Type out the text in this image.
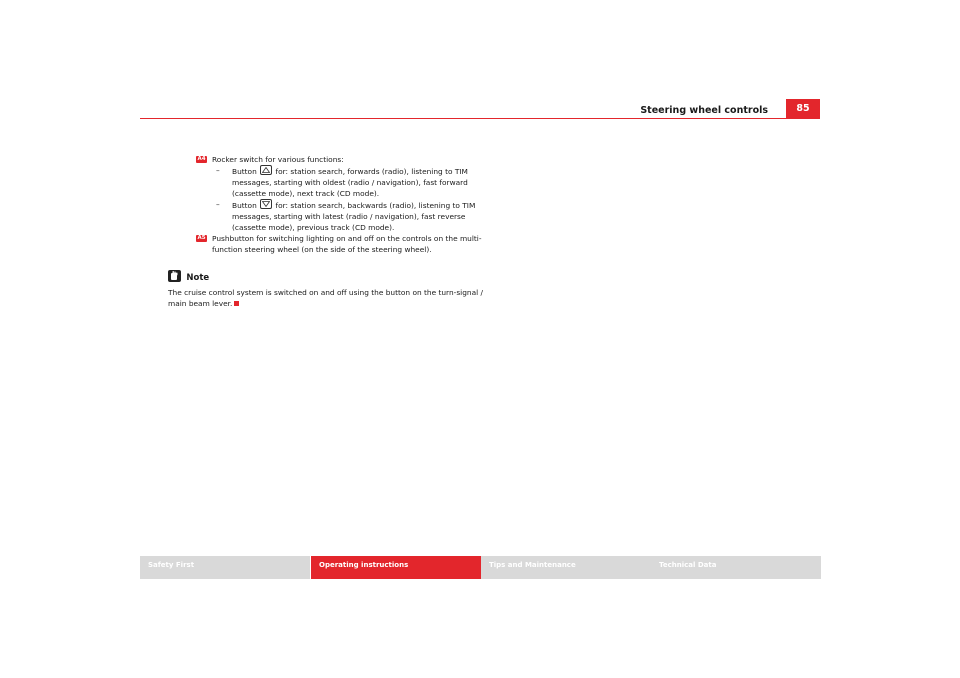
Steering wheel controls	85
A4 Rocker switch for various functions:
– Button	for: station search, forwards (radio), listening to TIM messages, starting with oldest (radio / navigation), fast forward (cassette mode), next track (CD mode).
– Button	for: station search, backwards (radio), listening to TIM messages, starting with latest (radio / navigation), fast reverse (cassette mode), previous track (CD mode).
A5 Pushbutton for switching lighting on and off on the controls on the multi-function steering wheel (on the side of the steering wheel).
Note
The cruise control system is switched on and off using the button on the turn-signal / main beam lever.
Safety First	Operating instructions	Tips and Maintenance	Technical Data
